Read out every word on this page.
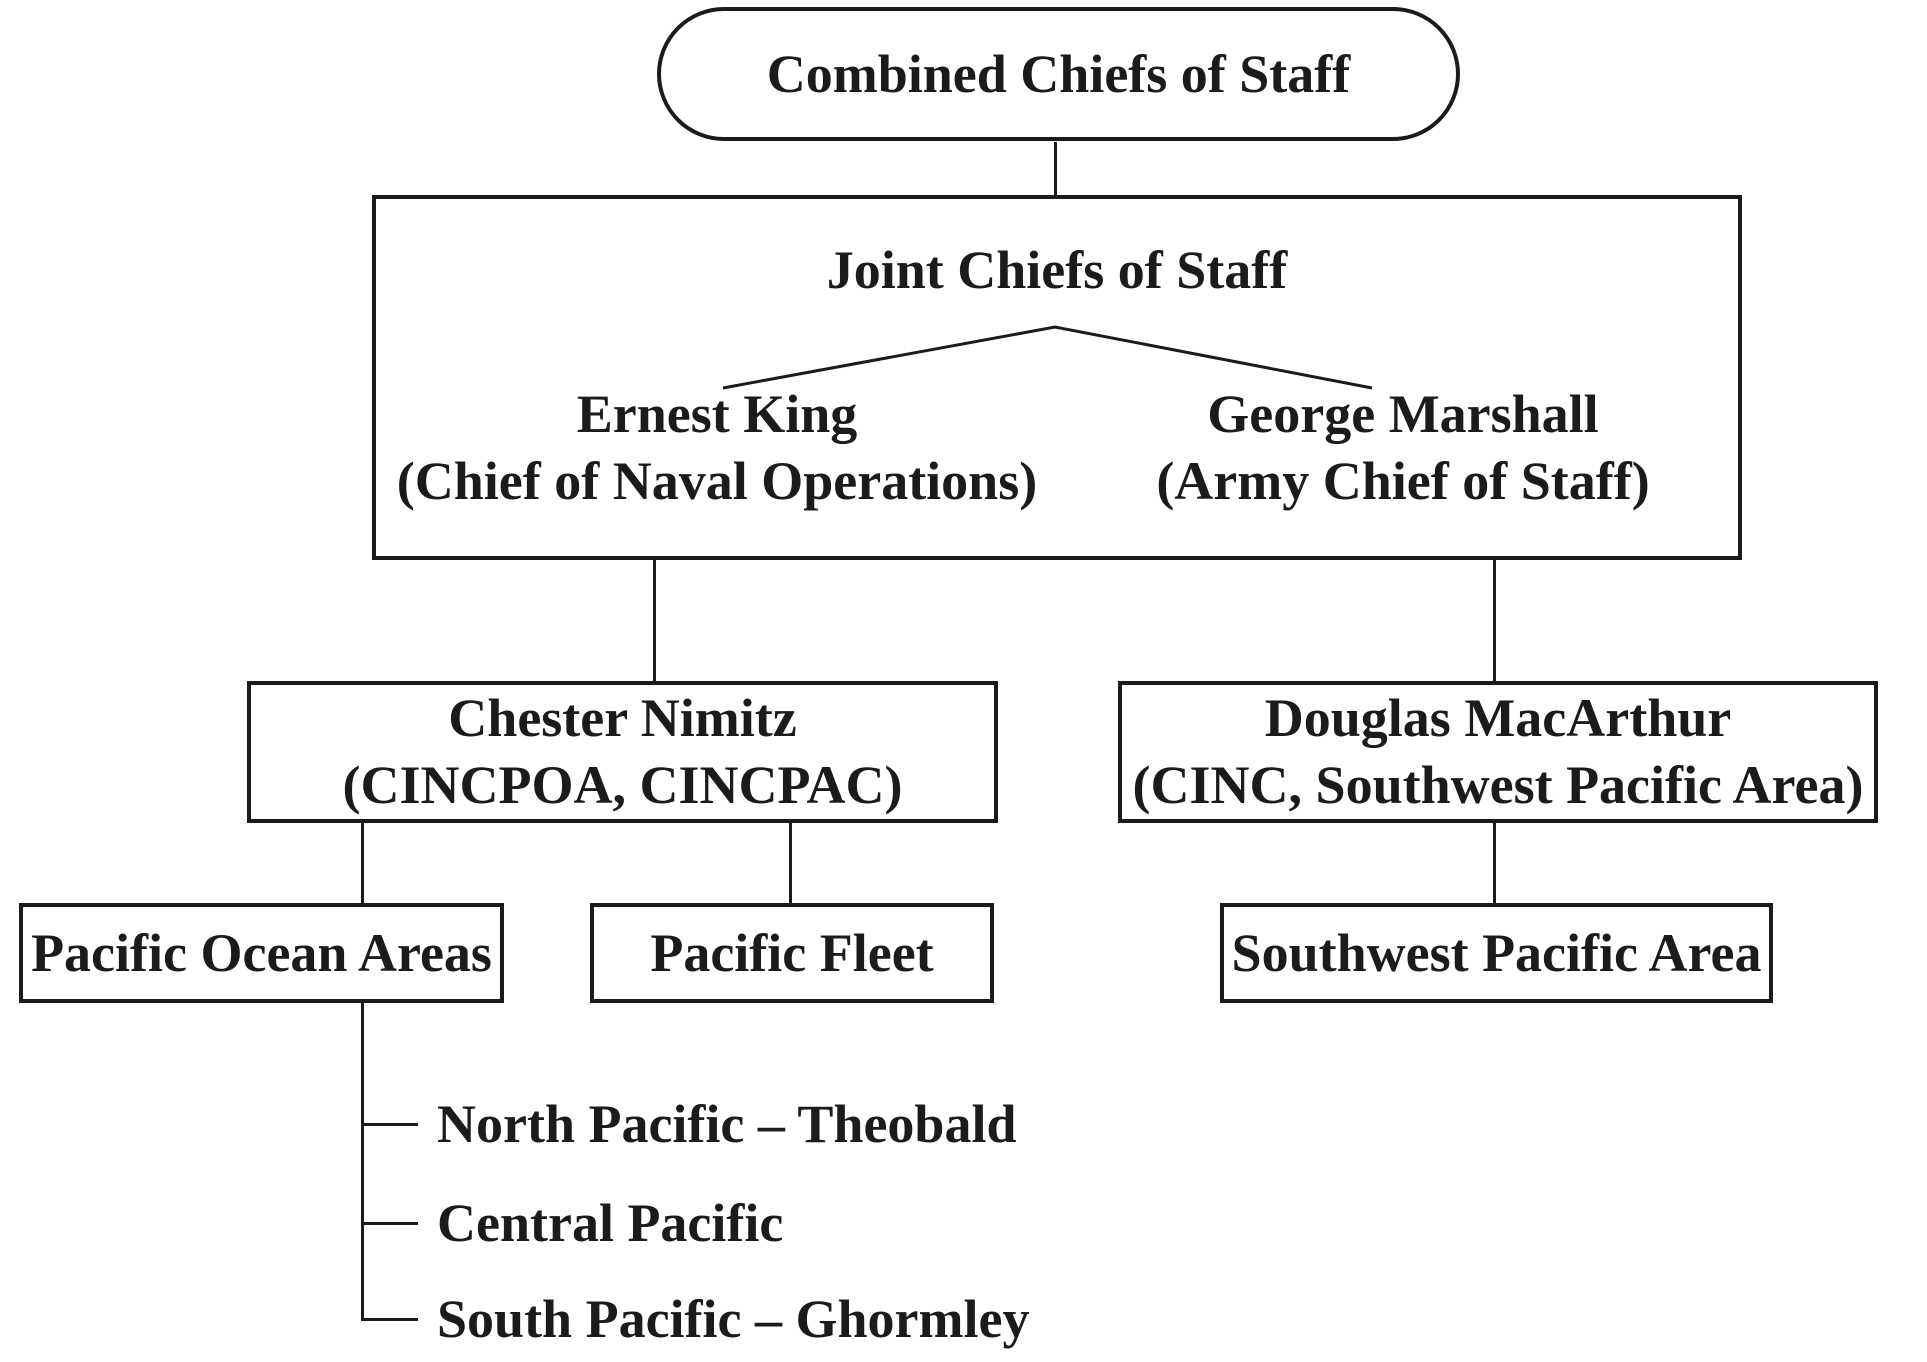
Combined Chiefs of Staff
Joint Chiefs of Staff
Ernest King
(Chief of Naval Operations)
George Marshall
(Army Chief of Staff)
Chester Nimitz
(CINCPOA, CINCPAC)
Douglas MacArthur
(CINC, Southwest Pacific Area)
Pacific Ocean Areas	Pacific Fleet	Southwest Pacific Area
North Pacific – Theobald
Central Pacific
South Pacific – Ghormley
